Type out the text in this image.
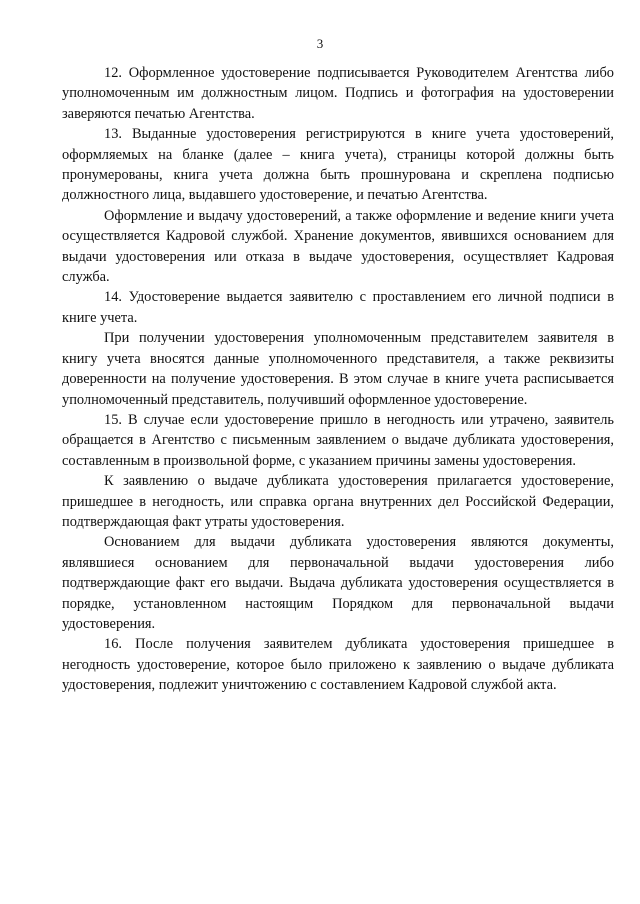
3

12. Оформленное удостоверение подписывается Руководителем Агентства либо уполномоченным им должностным лицом. Подпись и фотография на удостоверении заверяются печатью Агентства.

13. Выданные удостоверения регистрируются в книге учета удостоверений, оформляемых на бланке (далее – книга учета), страницы которой должны быть пронумерованы, книга учета должна быть прошнурована и скреплена подписью должностного лица, выдавшего удостоверение, и печатью Агентства.

Оформление и выдачу удостоверений, а также оформление и ведение книги учета осуществляется Кадровой службой. Хранение документов, явившихся основанием для выдачи удостоверения или отказа в выдаче удостоверения, осуществляет Кадровая служба.

14. Удостоверение выдается заявителю с проставлением его личной подписи в книге учета.

При получении удостоверения уполномоченным представителем заявителя в книгу учета вносятся данные уполномоченного представителя, а также реквизиты доверенности на получение удостоверения. В этом случае в книге учета расписывается уполномоченный представитель, получивший оформленное удостоверение.

15. В случае если удостоверение пришло в негодность или утрачено, заявитель обращается в Агентство с письменным заявлением о выдаче дубликата удостоверения, составленным в произвольной форме, с указанием причины замены удостоверения.

К заявлению о выдаче дубликата удостоверения прилагается удостоверение, пришедшее в негодность, или справка органа внутренних дел Российской Федерации, подтверждающая факт утраты удостоверения.

Основанием для выдачи дубликата удостоверения являются документы, являвшиеся основанием для первоначальной выдачи удостоверения либо подтверждающие факт его выдачи. Выдача дубликата удостоверения осуществляется в порядке, установленном настоящим Порядком для первоначальной выдачи удостоверения.

16. После получения заявителем дубликата удостоверения пришедшее в негодность удостоверение, которое было приложено к заявлению о выдаче дубликата удостоверения, подлежит уничтожению с составлением Кадровой службой акта.
